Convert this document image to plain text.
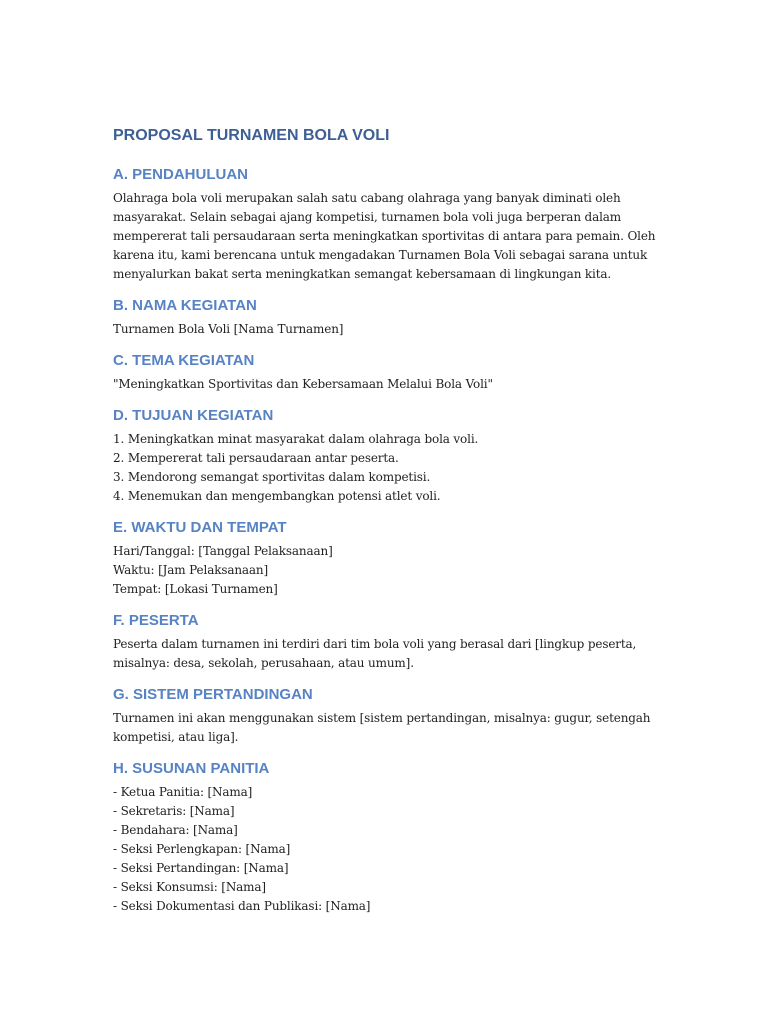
PROPOSAL TURNAMEN BOLA VOLI
A. PENDAHULUAN

Olahraga bola voli merupakan salah satu cabang olahraga yang banyak diminati oleh masyarakat. Selain sebagai ajang kompetisi, turnamen bola voli juga berperan dalam mempererat tali persaudaraan serta meningkatkan sportivitas di antara para pemain. Oleh karena itu, kami berencana untuk mengadakan Turnamen Bola Voli sebagai sarana untuk menyalurkan bakat serta meningkatkan semangat kebersamaan di lingkungan kita.

B. NAMA KEGIATAN

Turnamen Bola Voli [Nama Turnamen]

C. TEMA KEGIATAN

"Meningkatkan Sportivitas dan Kebersamaan Melalui Bola Voli"

D. TUJUAN KEGIATAN

1. Meningkatkan minat masyarakat dalam olahraga bola voli.

2. Mempererat tali persaudaraan antar peserta.

3. Mendorong semangat sportivitas dalam kompetisi.

4. Menemukan dan mengembangkan potensi atlet voli.

E. WAKTU DAN TEMPAT

Hari/Tanggal: [Tanggal Pelaksanaan]

Waktu: [Jam Pelaksanaan]

Tempat: [Lokasi Turnamen]

F. PESERTA

Peserta dalam turnamen ini terdiri dari tim bola voli yang berasal dari [lingkup peserta, misalnya: desa, sekolah, perusahaan, atau umum].

G. SISTEM PERTANDINGAN

Turnamen ini akan menggunakan sistem [sistem pertandingan, misalnya: gugur, setengah kompetisi, atau liga].

H. SUSUNAN PANITIA

- Ketua Panitia: [Nama]

- Sekretaris: [Nama]

- Bendahara: [Nama]

- Seksi Perlengkapan: [Nama]

- Seksi Pertandingan: [Nama]

- Seksi Konsumsi: [Nama]

- Seksi Dokumentasi dan Publikasi: [Nama]
